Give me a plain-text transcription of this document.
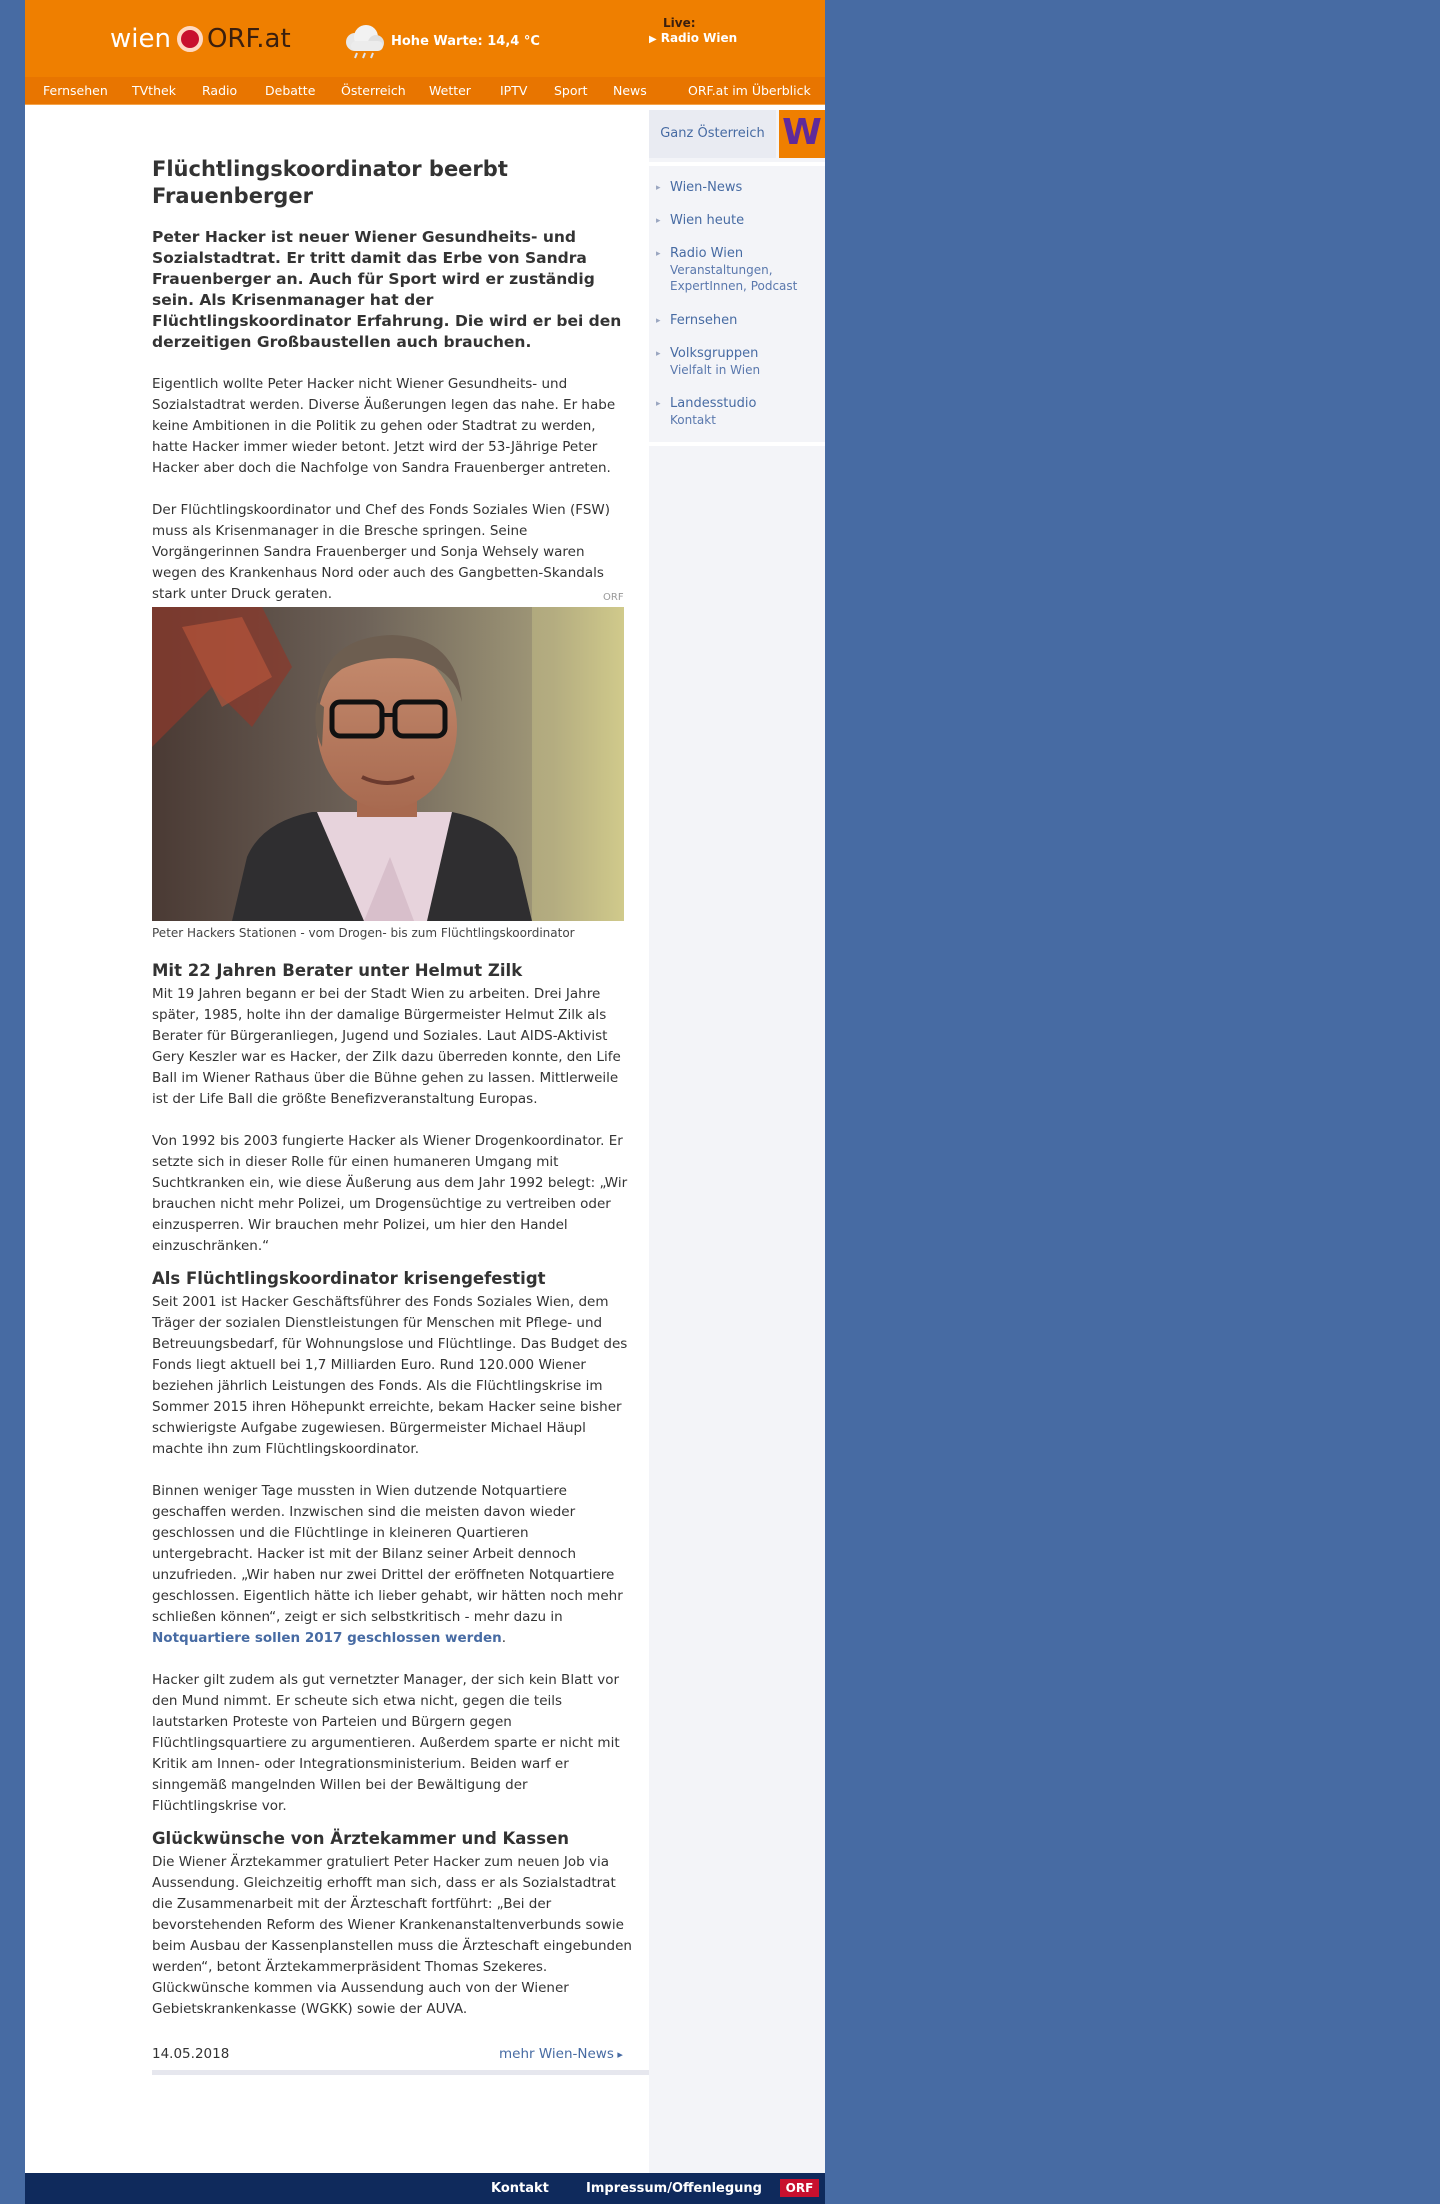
wien ORF.at	Hohe Warte: 14,4 °C
Live:
▶ Radio Wien
Fernsehen TVthek Radio Debatte Österreich Wetter IPTV Sport News	ORF.at im Überblick
Flüchtlingskoordinator beerbt Frauenberger
Peter Hacker ist neuer Wiener Gesundheits- und Sozialstadtrat. Er tritt damit das Erbe von Sandra Frauenberger an. Auch für Sport wird er zuständig sein. Als Krisenmanager hat der Flüchtlingskoordinator Erfahrung. Die wird er bei den derzeitigen Großbaustellen auch brauchen.

Eigentlich wollte Peter Hacker nicht Wiener Gesundheits- und Sozialstadtrat werden. Diverse Äußerungen legen das nahe. Er habe keine Ambitionen in die Politik zu gehen oder Stadtrat zu werden, hatte Hacker immer wieder betont. Jetzt wird der 53-Jährige Peter Hacker aber doch die Nachfolge von Sandra Frauenberger antreten.

Der Flüchtlingskoordinator und Chef des Fonds Soziales Wien (FSW) muss als Krisenmanager in die Bresche springen. Seine Vorgängerinnen Sandra Frauenberger und Sonja Wehsely waren wegen des Krankenhaus Nord oder auch des Gangbetten-Skandals stark unter Druck geraten.	ORF
Peter Hackers Stationen - vom Drogen- bis zum Flüchtlingskoordinator
Mit 22 Jahren Berater unter Helmut Zilk

Mit 19 Jahren begann er bei der Stadt Wien zu arbeiten. Drei Jahre später, 1985, holte ihn der damalige Bürgermeister Helmut Zilk als Berater für Bürgeranliegen, Jugend und Soziales. Laut AIDS-Aktivist Gery Keszler war es Hacker, der Zilk dazu überreden konnte, den Life Ball im Wiener Rathaus über die Bühne gehen zu lassen. Mittlerweile ist der Life Ball die größte Benefizveranstaltung Europas.

Von 1992 bis 2003 fungierte Hacker als Wiener Drogenkoordinator. Er setzte sich in dieser Rolle für einen humaneren Umgang mit Suchtkranken ein, wie diese Äußerung aus dem Jahr 1992 belegt: „Wir brauchen nicht mehr Polizei, um Drogensüchtige zu vertreiben oder einzusperren. Wir brauchen mehr Polizei, um hier den Handel einzuschränken.“

Als Flüchtlingskoordinator krisengefestigt

Seit 2001 ist Hacker Geschäftsführer des Fonds Soziales Wien, dem Träger der sozialen Dienstleistungen für Menschen mit Pflege- und Betreuungsbedarf, für Wohnungslose und Flüchtlinge. Das Budget des Fonds liegt aktuell bei 1,7 Milliarden Euro. Rund 120.000 Wiener beziehen jährlich Leistungen des Fonds. Als die Flüchtlingskrise im Sommer 2015 ihren Höhepunkt erreichte, bekam Hacker seine bisher schwierigste Aufgabe zugewiesen. Bürgermeister Michael Häupl machte ihn zum Flüchtlingskoordinator.

Binnen weniger Tage mussten in Wien dutzende Notquartiere geschaffen werden. Inzwischen sind die meisten davon wieder geschlossen und die Flüchtlinge in kleineren Quartieren untergebracht. Hacker ist mit der Bilanz seiner Arbeit dennoch unzufrieden. „Wir haben nur zwei Drittel der eröffneten Notquartiere geschlossen. Eigentlich hätte ich lieber gehabt, wir hätten noch mehr schließen können“, zeigt er sich selbstkritisch - mehr dazu in Notquartiere sollen 2017 geschlossen werden.

Hacker gilt zudem als gut vernetzter Manager, der sich kein Blatt vor den Mund nimmt. Er scheute sich etwa nicht, gegen die teils lautstarken Proteste von Parteien und Bürgern gegen Flüchtlingsquartiere zu argumentieren. Außerdem sparte er nicht mit Kritik am Innen- oder Integrationsministerium. Beiden warf er sinngemäß mangelnden Willen bei der Bewältigung der Flüchtlingskrise vor.

Glückwünsche von Ärztekammer und Kassen

Die Wiener Ärztekammer gratuliert Peter Hacker zum neuen Job via Aussendung. Gleichzeitig erhofft man sich, dass er als Sozialstadtrat die Zusammenarbeit mit der Ärzteschaft fortführt: „Bei der bevorstehenden Reform des Wiener Krankenanstaltenverbunds sowie beim Ausbau der Kassenplanstellen muss die Ärzteschaft eingebunden werden“, betont Ärztekammerpräsident Thomas Szekeres. Glückwünsche kommen via Aussendung auch von der Wiener Gebietskrankenkasse (WGKK) sowie der AUVA.

14.05.2018	mehr Wien-News ▸
Ganz Österreich W
▸ Wien-News
▸ Wien heute
▸ Radio Wien
Veranstaltungen, ExpertInnen, Podcast
▸ Fernsehen
▸ Volksgruppen
Vielfalt in Wien
▸ Landesstudio
Kontakt
Kontakt	Impressum/Offenlegung	ORF
